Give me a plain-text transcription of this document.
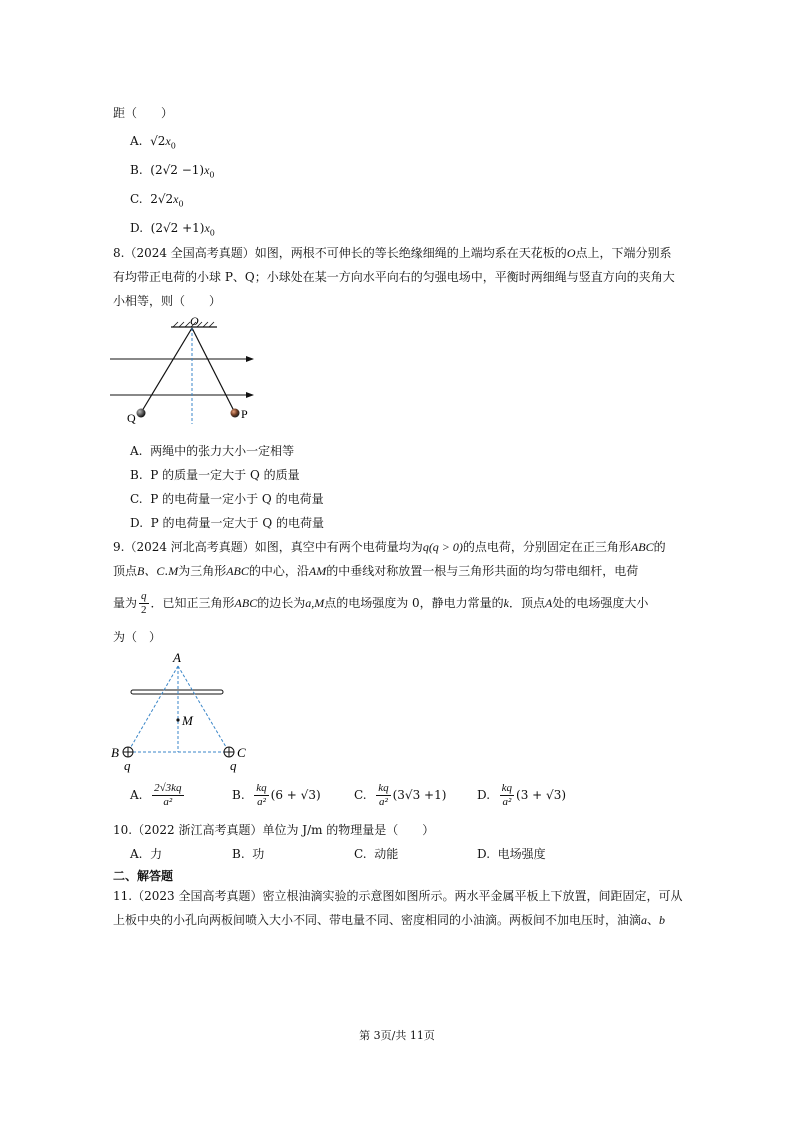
距（　　）
A. $√2x_0$
B. $(2√2 -1)x_0$
C. $2√2x_0$
D. $(2√2 +1)x_0$
8.（2024 全国高考真题）如图，两根不可伸长的等长绝缘细绳的上端均系在天花板的O点上，下端分别系
有均带正电荷的小球 P、Q；小球处在某一方向水平向右的匀强电场中，平衡时两细绳与竖直方向的夹角大
小相等，则（　　）
O
Q	P
A. 两绳中的张力大小一定相等
B. P 的质量一定大于 Q 的质量
C. P 的电荷量一定小于 Q 的电荷量
D. P 的电荷量一定大于 Q 的电荷量
9.（2024 河北高考真题）如图，真空中有两个电荷量均为q(q > 0)的点电荷，分别固定在正三角形ABC的
顶点B、C.M为三角形ABC的中心，沿AM的中垂线对称放置一根与三角形共面的均匀带电细杆，电荷
量为 $\frac{q}{2}$ ．已知正三角形ABC的边长为a,M点的电场强度为 0，静电力常量的k．顶点A处的电场强度大小
为（　）
A
M
B	C
q	q
A. $\frac{2√3kq}{\text{a²}}$	B. $\frac{kq}{\text{a²}} (6 + √3)$	C. $\frac{kq}{\text{a²}} (3√3 +1)$	D. $\frac{kq}{\text{a²}} (3 + √3)$
10.（2022 浙江高考真题）单位为 J/m 的物理量是（　　）
A. 力	B. 功	C. 动能	D. 电场强度
二、解答题
11.（2023 全国高考真题）密立根油滴实验的示意图如图所示。两水平金属平板上下放置，间距固定，可从
上板中央的小孔向两板间喷入大小不同、带电量不同、密度相同的小油滴。两板间不加电压时，油滴a、b
第 3页/共 11页
